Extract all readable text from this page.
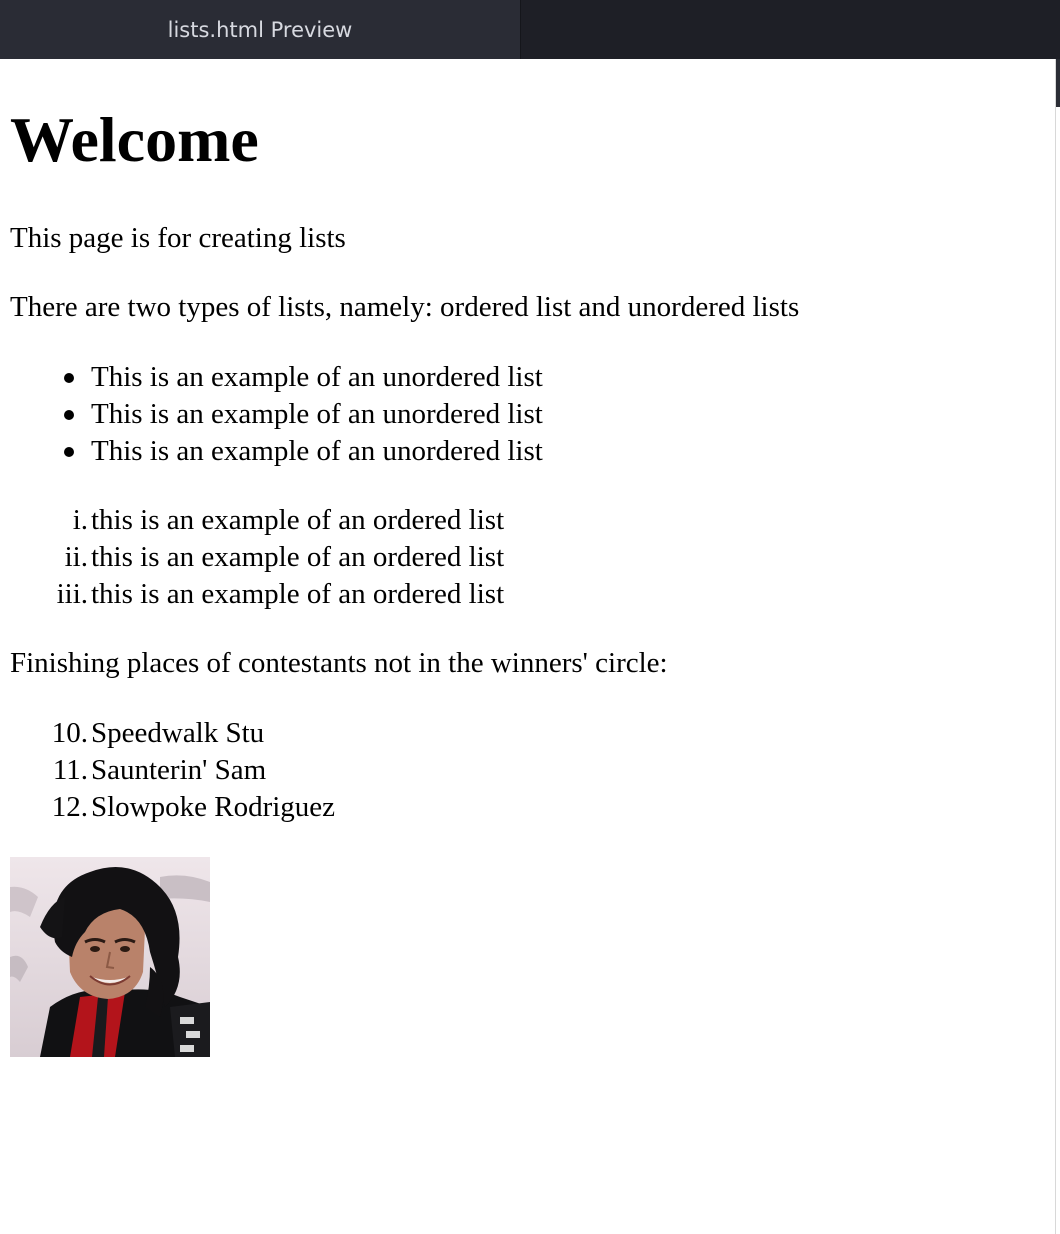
lists.html Preview
Welcome

This page is for creating lists

There are two types of lists, namely: ordered list and unordered lists

This is an example of an unordered list
This is an example of an unordered list
This is an example of an unordered list
i. this is an example of an ordered list
ii. this is an example of an ordered list
iii. this is an example of an ordered list

Finishing places of contestants not in the winners' circle:

10. Speedwalk Stu
11. Saunterin' Sam
12. Slowpoke Rodriguez
